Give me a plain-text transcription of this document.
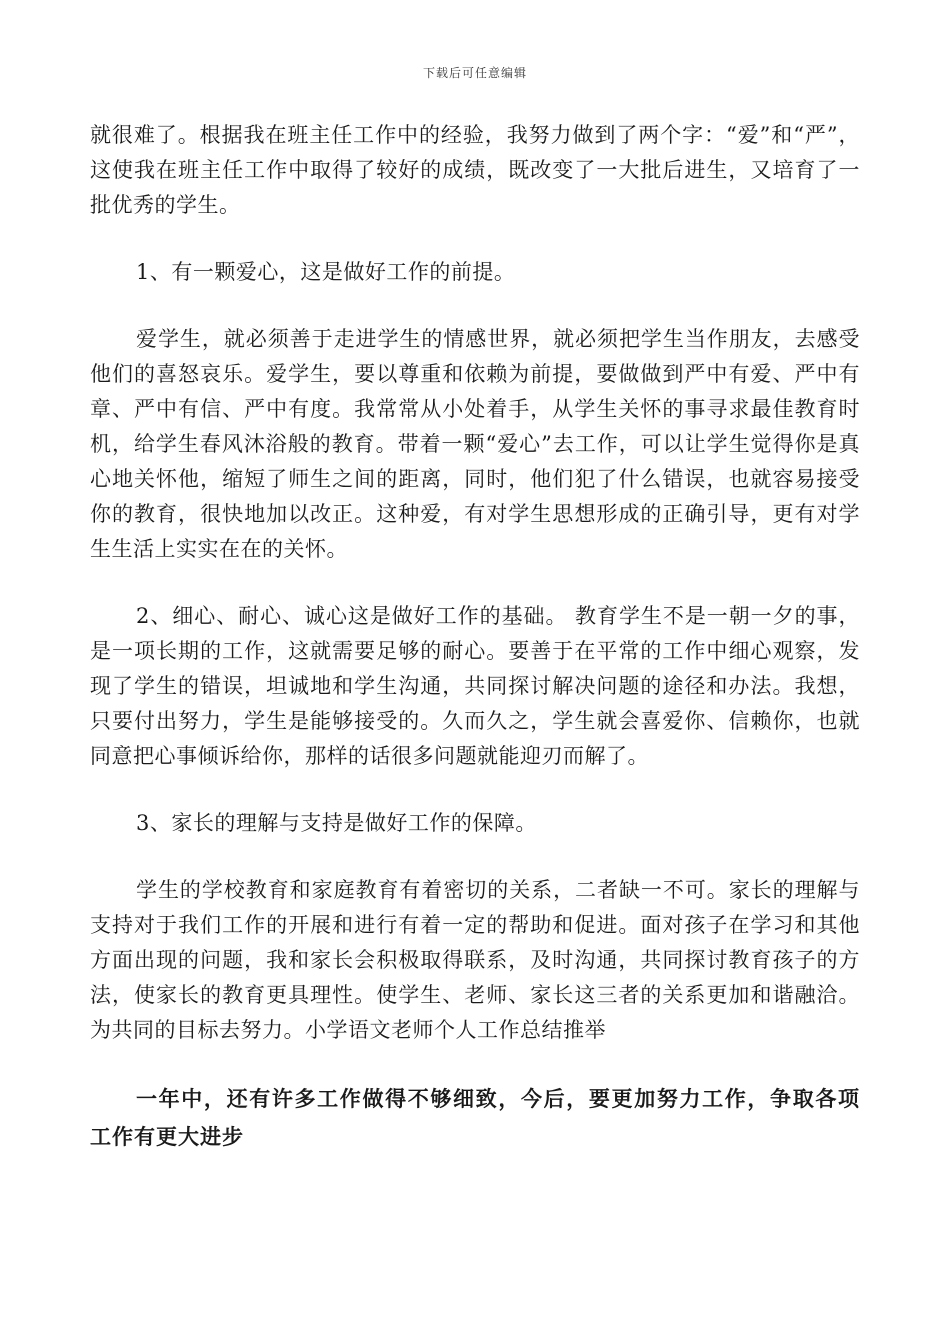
下载后可任意编辑

就很难了。根据我在班主任工作中的经验，我努力做到了两个字：“爱”和“严”，这使我在班主任工作中取得了较好的成绩，既改变了一大批后进生，又培育了一批优秀的学生。

1、有一颗爱心，这是做好工作的前提。

爱学生，就必须善于走进学生的情感世界，就必须把学生当作朋友，去感受他们的喜怒哀乐。爱学生，要以尊重和依赖为前提，要做做到严中有爱、严中有章、严中有信、严中有度。我常常从小处着手，从学生关怀的事寻求最佳教育时机，给学生春风沐浴般的教育。带着一颗“爱心”去工作，可以让学生觉得你是真心地关怀他，缩短了师生之间的距离，同时，他们犯了什么错误，也就容易接受你的教育，很快地加以改正。这种爱，有对学生思想形成的正确引导，更有对学生生活上实实在在的关怀。

2、细心、耐心、诚心这是做好工作的基础。 教育学生不是一朝一夕的事，是一项长期的工作，这就需要足够的耐心。要善于在平常的工作中细心观察，发现了学生的错误，坦诚地和学生沟通，共同探讨解决问题的途径和办法。我想，只要付出努力，学生是能够接受的。久而久之，学生就会喜爱你、信赖你，也就同意把心事倾诉给你，那样的话很多问题就能迎刃而解了。

3、家长的理解与支持是做好工作的保障。

学生的学校教育和家庭教育有着密切的关系，二者缺一不可。家长的理解与支持对于我们工作的开展和进行有着一定的帮助和促进。面对孩子在学习和其他方面出现的问题，我和家长会积极取得联系，及时沟通，共同探讨教育孩子的方法，使家长的教育更具理性。使学生、老师、家长这三者的关系更加和谐融洽。为共同的目标去努力。小学语文老师个人工作总结推举

一年中，还有许多工作做得不够细致，今后，要更加努力工作，争取各项工作有更大进步
